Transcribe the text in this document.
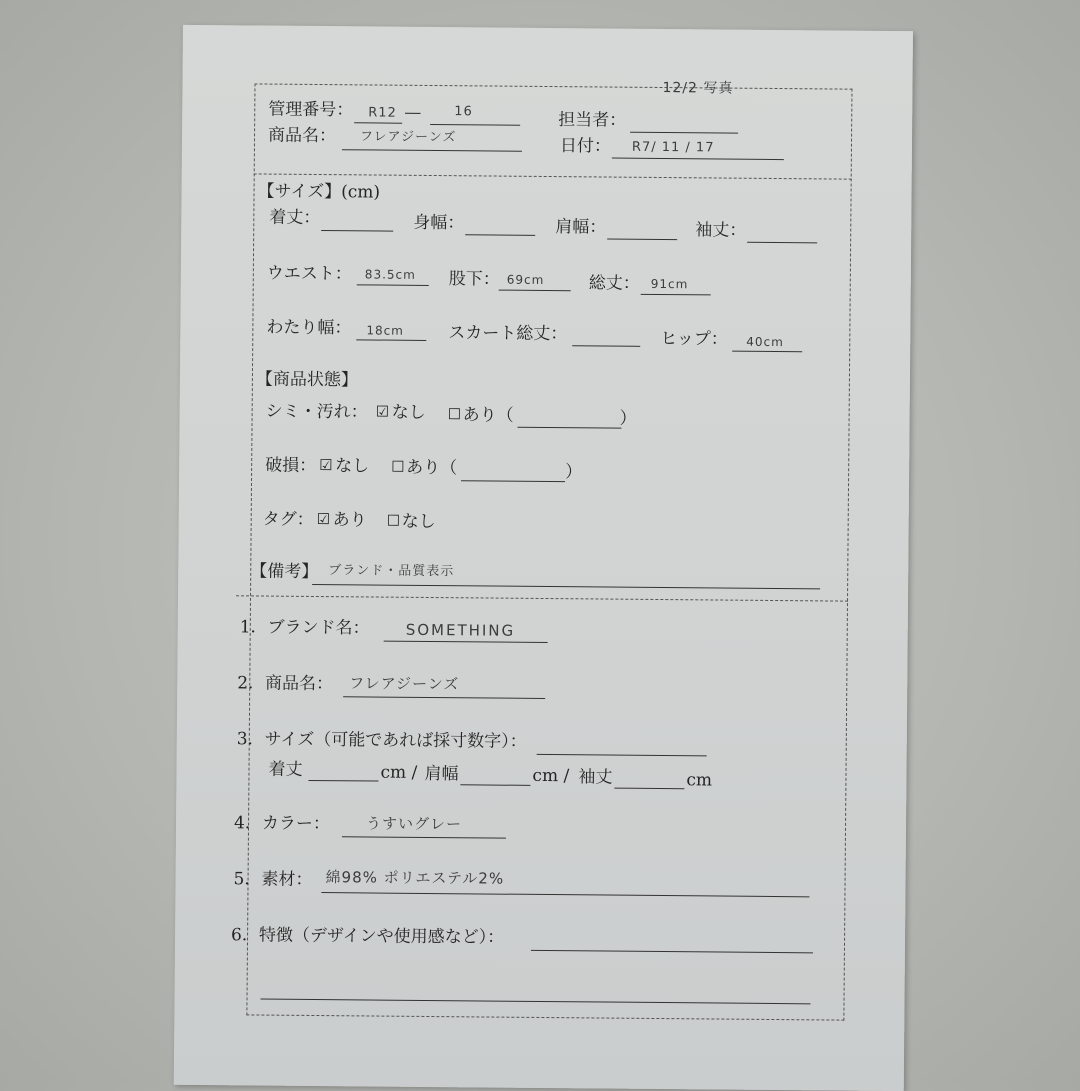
12/2 写真
管理番号： R12 —	16	担当者：
商品名： フレアジーンズ	日付： R7/ 11 / 17
【サイズ】(cm)
着丈：	身幅：	肩幅：	袖丈：
ウエスト： 83.5cm 股下： 69cm	総丈： 91cm
わたり幅： 18cm	スカート総丈：	ヒップ： 40cm
【商品状態】
シミ・汚れ： ☑ なし ☐ あり（	）
破損： ☑ なし ☐ あり（	）
タグ： ☑ あり ☐ なし
【備考】 ブランド・品質表示
1．ブランド名： SOMETHING
2．商品名： フレアジーンズ
3．サイズ（可能であれば採寸数字）：
着丈	cm / 肩幅	cm / 袖丈	cm
4．カラー： うすいグレー
5．素材： 綿98% ポリエステル2%
6．特徴（デザインや使用感など）：
